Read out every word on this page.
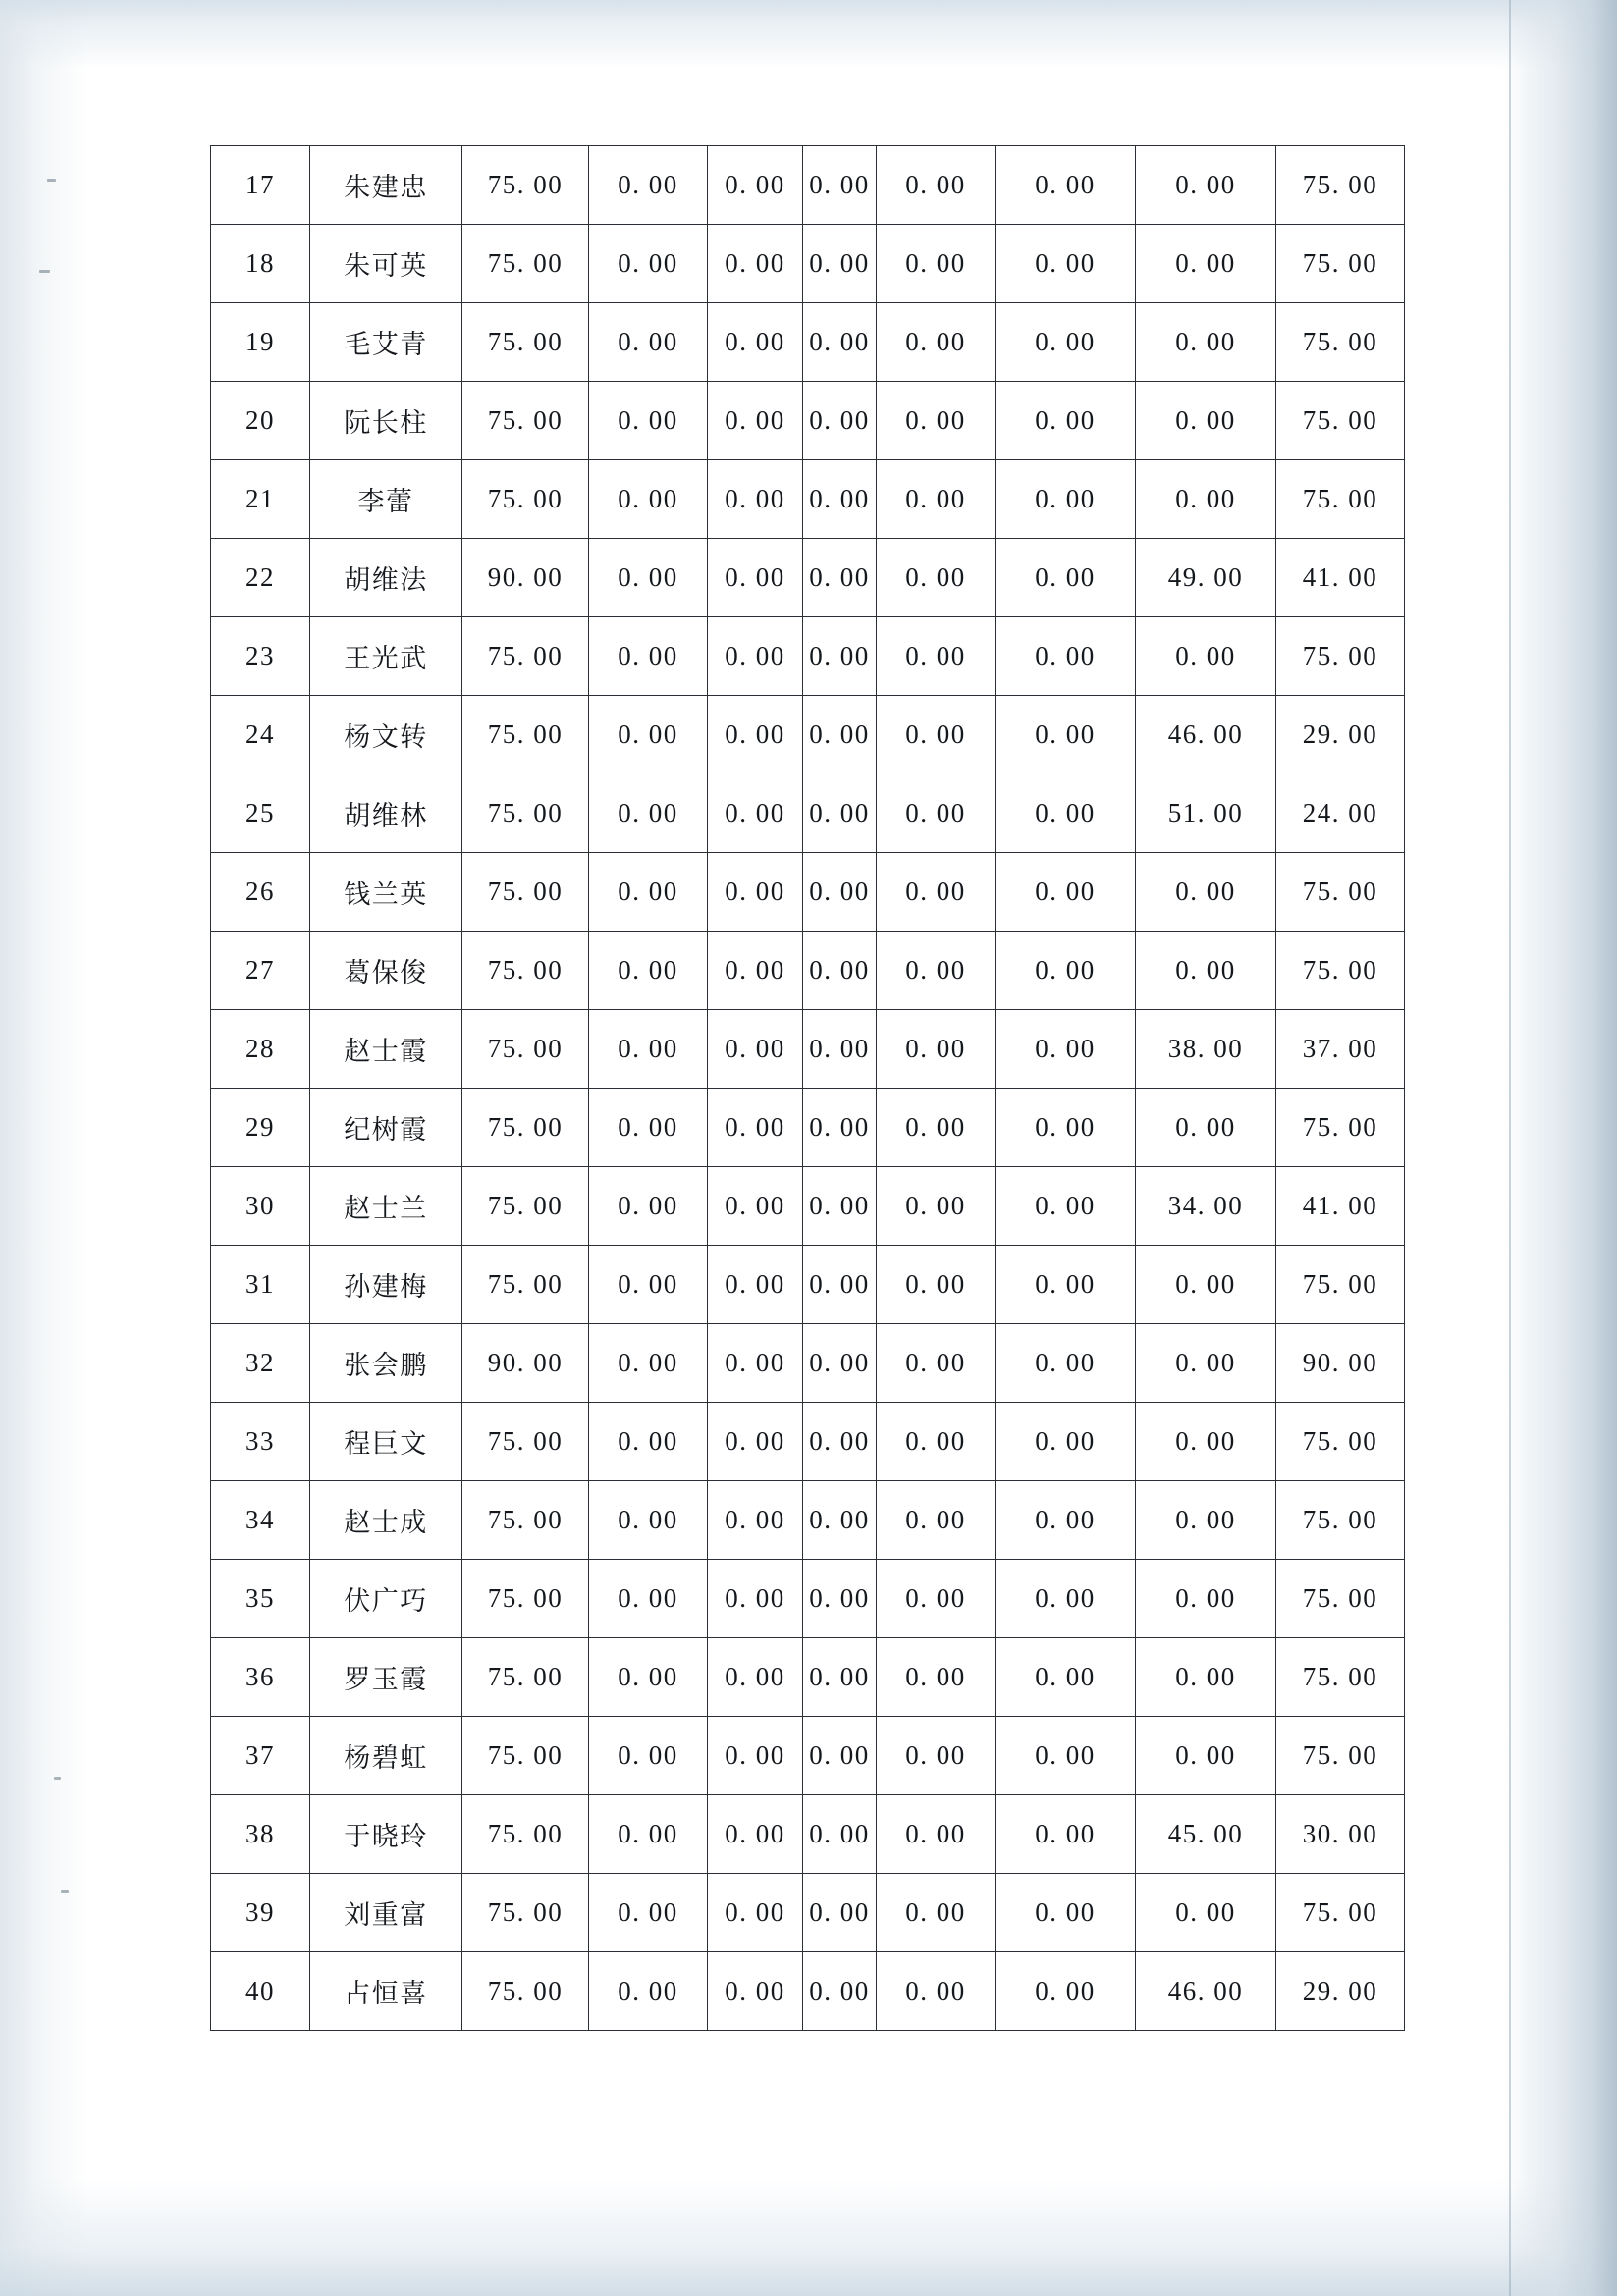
17	朱建忠	75. 00	0. 00	0. 00	0. 00	0. 00	0. 00	0. 00	75. 00
18	朱可英	75. 00	0. 00	0. 00	0. 00	0. 00	0. 00	0. 00	75. 00
19	毛艾青	75. 00	0. 00	0. 00	0. 00	0. 00	0. 00	0. 00	75. 00
20	阮长柱	75. 00	0. 00	0. 00	0. 00	0. 00	0. 00	0. 00	75. 00
21	李蕾	75. 00	0. 00	0. 00	0. 00	0. 00	0. 00	0. 00	75. 00
22	胡维法	90. 00	0. 00	0. 00	0. 00	0. 00	0. 00	49. 00	41. 00
23	王光武	75. 00	0. 00	0. 00	0. 00	0. 00	0. 00	0. 00	75. 00
24	杨文转	75. 00	0. 00	0. 00	0. 00	0. 00	0. 00	46. 00	29. 00
25	胡维林	75. 00	0. 00	0. 00	0. 00	0. 00	0. 00	51. 00	24. 00
26	钱兰英	75. 00	0. 00	0. 00	0. 00	0. 00	0. 00	0. 00	75. 00
27	葛保俊	75. 00	0. 00	0. 00	0. 00	0. 00	0. 00	0. 00	75. 00
28	赵士霞	75. 00	0. 00	0. 00	0. 00	0. 00	0. 00	38. 00	37. 00
29	纪树霞	75. 00	0. 00	0. 00	0. 00	0. 00	0. 00	0. 00	75. 00
30	赵士兰	75. 00	0. 00	0. 00	0. 00	0. 00	0. 00	34. 00	41. 00
31	孙建梅	75. 00	0. 00	0. 00	0. 00	0. 00	0. 00	0. 00	75. 00
32	张会鹏	90. 00	0. 00	0. 00	0. 00	0. 00	0. 00	0. 00	90. 00
33	程巨文	75. 00	0. 00	0. 00	0. 00	0. 00	0. 00	0. 00	75. 00
34	赵士成	75. 00	0. 00	0. 00	0. 00	0. 00	0. 00	0. 00	75. 00
35	伏广巧	75. 00	0. 00	0. 00	0. 00	0. 00	0. 00	0. 00	75. 00
36	罗玉霞	75. 00	0. 00	0. 00	0. 00	0. 00	0. 00	0. 00	75. 00
37	杨碧虹	75. 00	0. 00	0. 00	0. 00	0. 00	0. 00	0. 00	75. 00
38	于晓玲	75. 00	0. 00	0. 00	0. 00	0. 00	0. 00	45. 00	30. 00
39	刘重富	75. 00	0. 00	0. 00	0. 00	0. 00	0. 00	0. 00	75. 00
40	占恒喜	75. 00	0. 00	0. 00	0. 00	0. 00	0. 00	46. 00	29. 00
